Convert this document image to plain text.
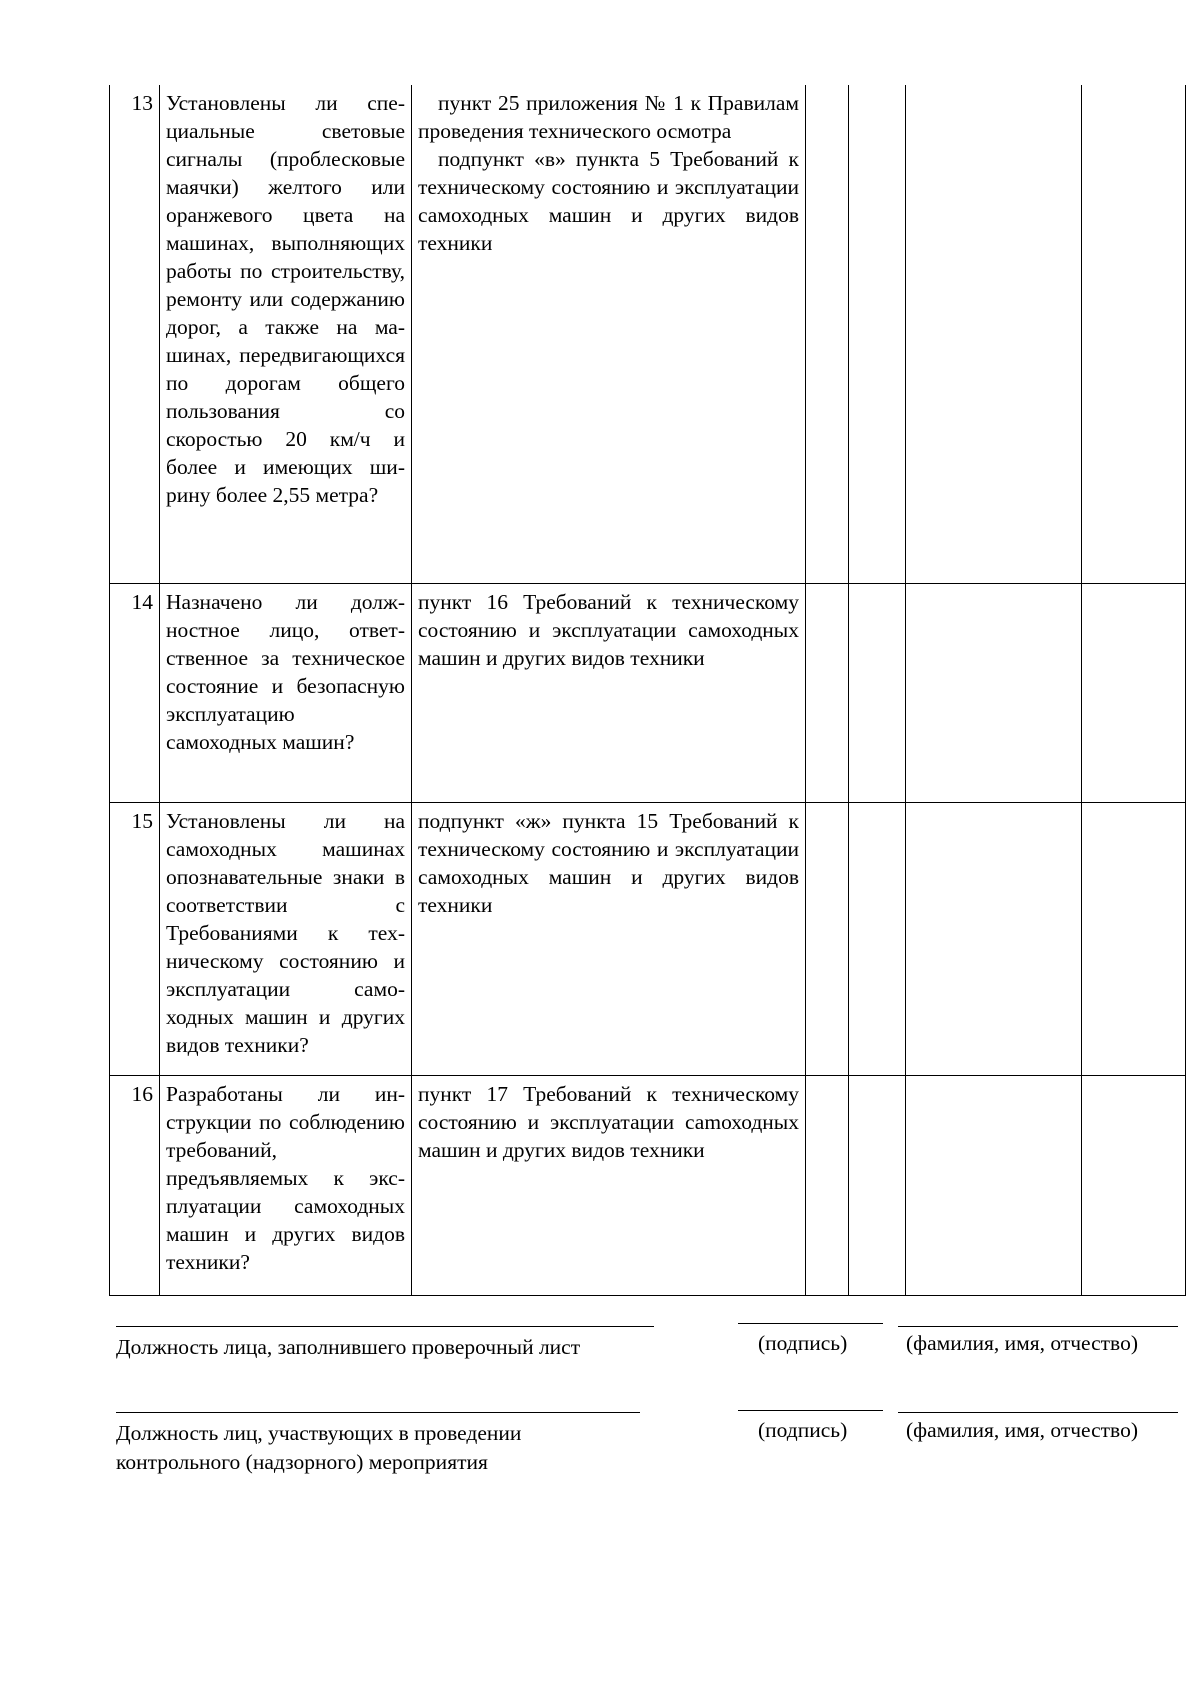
13	Установлены ли специальные световые сигналы (проблесковые маячки) желтого или оранжевого цвета на машинах, выполняющих работы по строительству, ремонту или содержанию дорог, а также на машинах, передвигающихся по дорогам общего пользования со скоростью 20 км/ч и более и имеющих ширину более 2,55 метра?	пункт 25 приложения № 1 к Правилам проведения технического осмотра

подпункт «в» пункта 5 Требований к техническому состоянию и эксплуатации самоходных машин и других видов техники				

14	Назначено ли должностное лицо, ответственное за техническое состояние и безопасную эксплуатацию самоходных машин?	пункт 16 Требований к техническому состоянию и эксплуатации самоходных машин и других видов техники				

15	Установлены ли на самоходных машинах опознавательные знаки в соответствии с Требованиями к техническому состоянию и эксплуатации самоходных машин и других видов техники?	подпункт «ж» пункта 15 Требований к техническому состоянию и эксплуатации самоходных машин и других видов техники				

16	Разработаны ли инструкции по соблюдению требований, предъявляемых к эксплуатации самоходных машин и других видов техники?	пункт 17 Требований к техническому состоянию и эксплуатации саmоходных машин и других видов техники				

Должность лица, заполнившего проверочный лист	(подпись)	(фамилия, имя, отчество)
Должность лиц, участвующих в проведении
контрольного (надзорного) мероприятия
(подпись)	(фамилия, имя, отчество)
